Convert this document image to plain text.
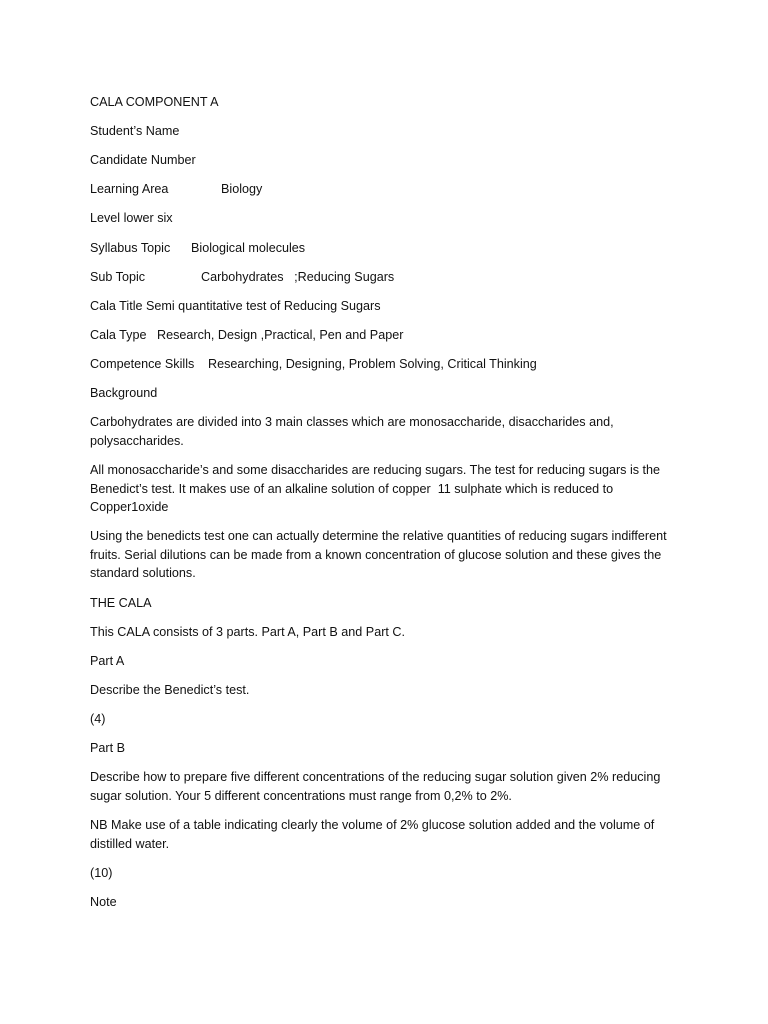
CALA COMPONENT A
Student’s Name
Candidate Number
Learning Area	Biology
Level lower six
Syllabus Topic Biological molecules
Sub Topic	Carbohydrates   ;Reducing Sugars
Cala Title Semi quantitative test of Reducing Sugars
Cala Type Research, Design ,Practical, Pen and Paper
Competence Skills Researching, Designing, Problem Solving, Critical Thinking
Background
Carbohydrates are divided into 3 main classes which are monosaccharide, disaccharides and,
polysaccharides.
All monosaccharide’s and some disaccharides are reducing sugars. The test for reducing sugars is the
Benedict’s test. It makes use of an alkaline solution of copper  11 sulphate which is reduced to
Copper1oxide
Using the benedicts test one can actually determine the relative quantities of reducing sugars indifferent
fruits. Serial dilutions can be made from a known concentration of glucose solution and these gives the
standard solutions.
THE CALA
This CALA consists of 3 parts. Part A, Part B and Part C.
Part A
Describe the Benedict’s test.
(4)
Part B
Describe how to prepare five different concentrations of the reducing sugar solution given 2% reducing
sugar solution. Your 5 different concentrations must range from 0,2% to 2%.
NB Make use of a table indicating clearly the volume of 2% glucose solution added and the volume of
distilled water.
(10)
Note
